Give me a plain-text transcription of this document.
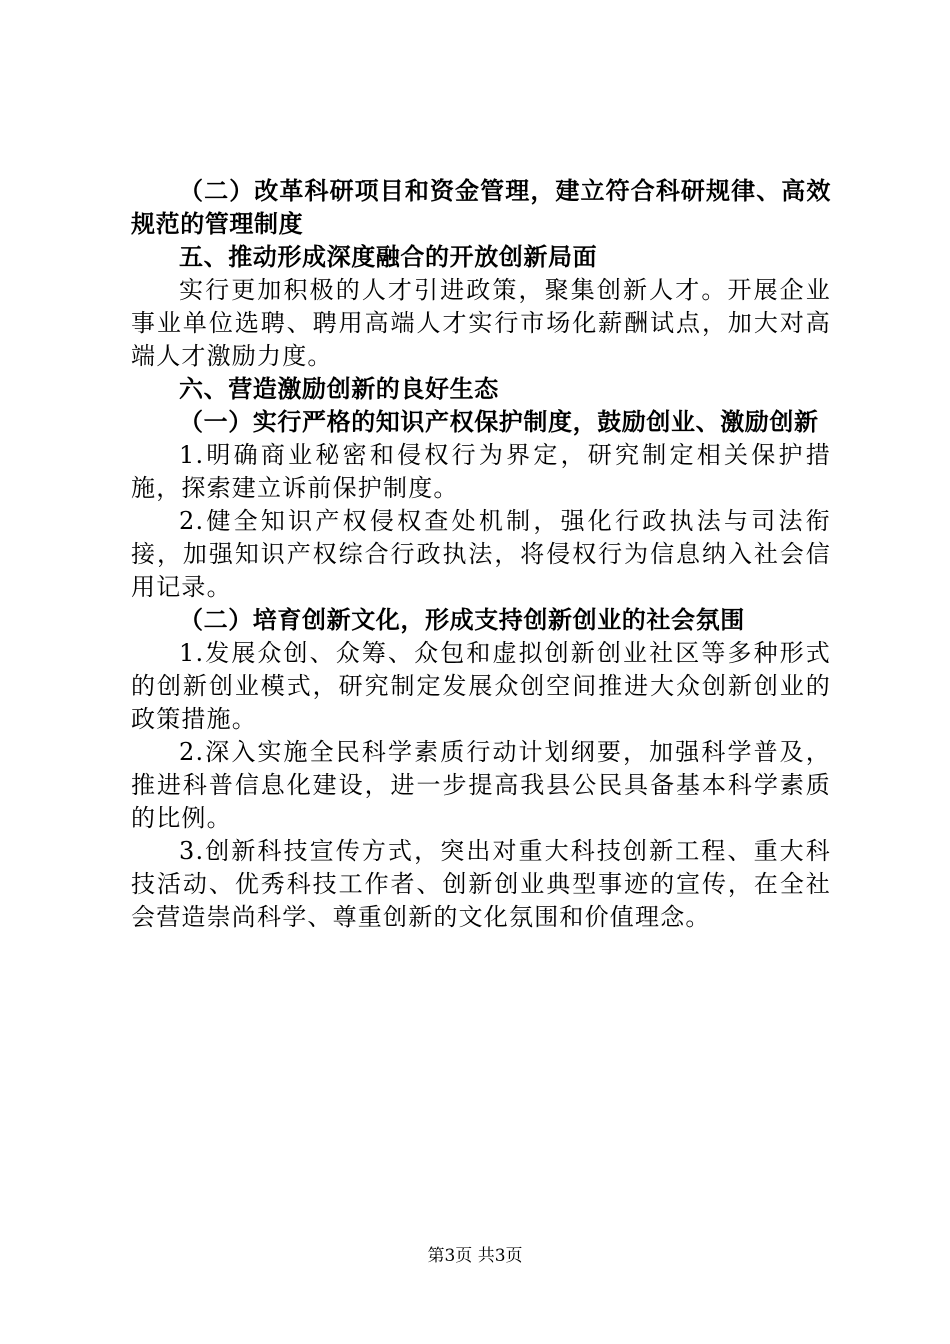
（二）改革科研项目和资金管理，建立符合科研规律、高效规范的管理制度

五、推动形成深度融合的开放创新局面

实行更加积极的人才引进政策，聚集创新人才。开展企业事业单位选聘、聘用高端人才实行市场化薪酬试点，加大对高端人才激励力度。

六、营造激励创新的良好生态

（一）实行严格的知识产权保护制度，鼓励创业、激励创新

1.明确商业秘密和侵权行为界定，研究制定相关保护措施，探索建立诉前保护制度。

2.健全知识产权侵权查处机制，强化行政执法与司法衔接，加强知识产权综合行政执法，将侵权行为信息纳入社会信用记录。

（二）培育创新文化，形成支持创新创业的社会氛围

1.发展众创、众筹、众包和虚拟创新创业社区等多种形式的创新创业模式，研究制定发展众创空间推进大众创新创业的政策措施。

2.深入实施全民科学素质行动计划纲要，加强科学普及，推进科普信息化建设，进一步提高我县公民具备基本科学素质的比例。

3.创新科技宣传方式，突出对重大科技创新工程、重大科技活动、优秀科技工作者、创新创业典型事迹的宣传，在全社会营造崇尚科学、尊重创新的文化氛围和价值理念。

第3页 共3页
